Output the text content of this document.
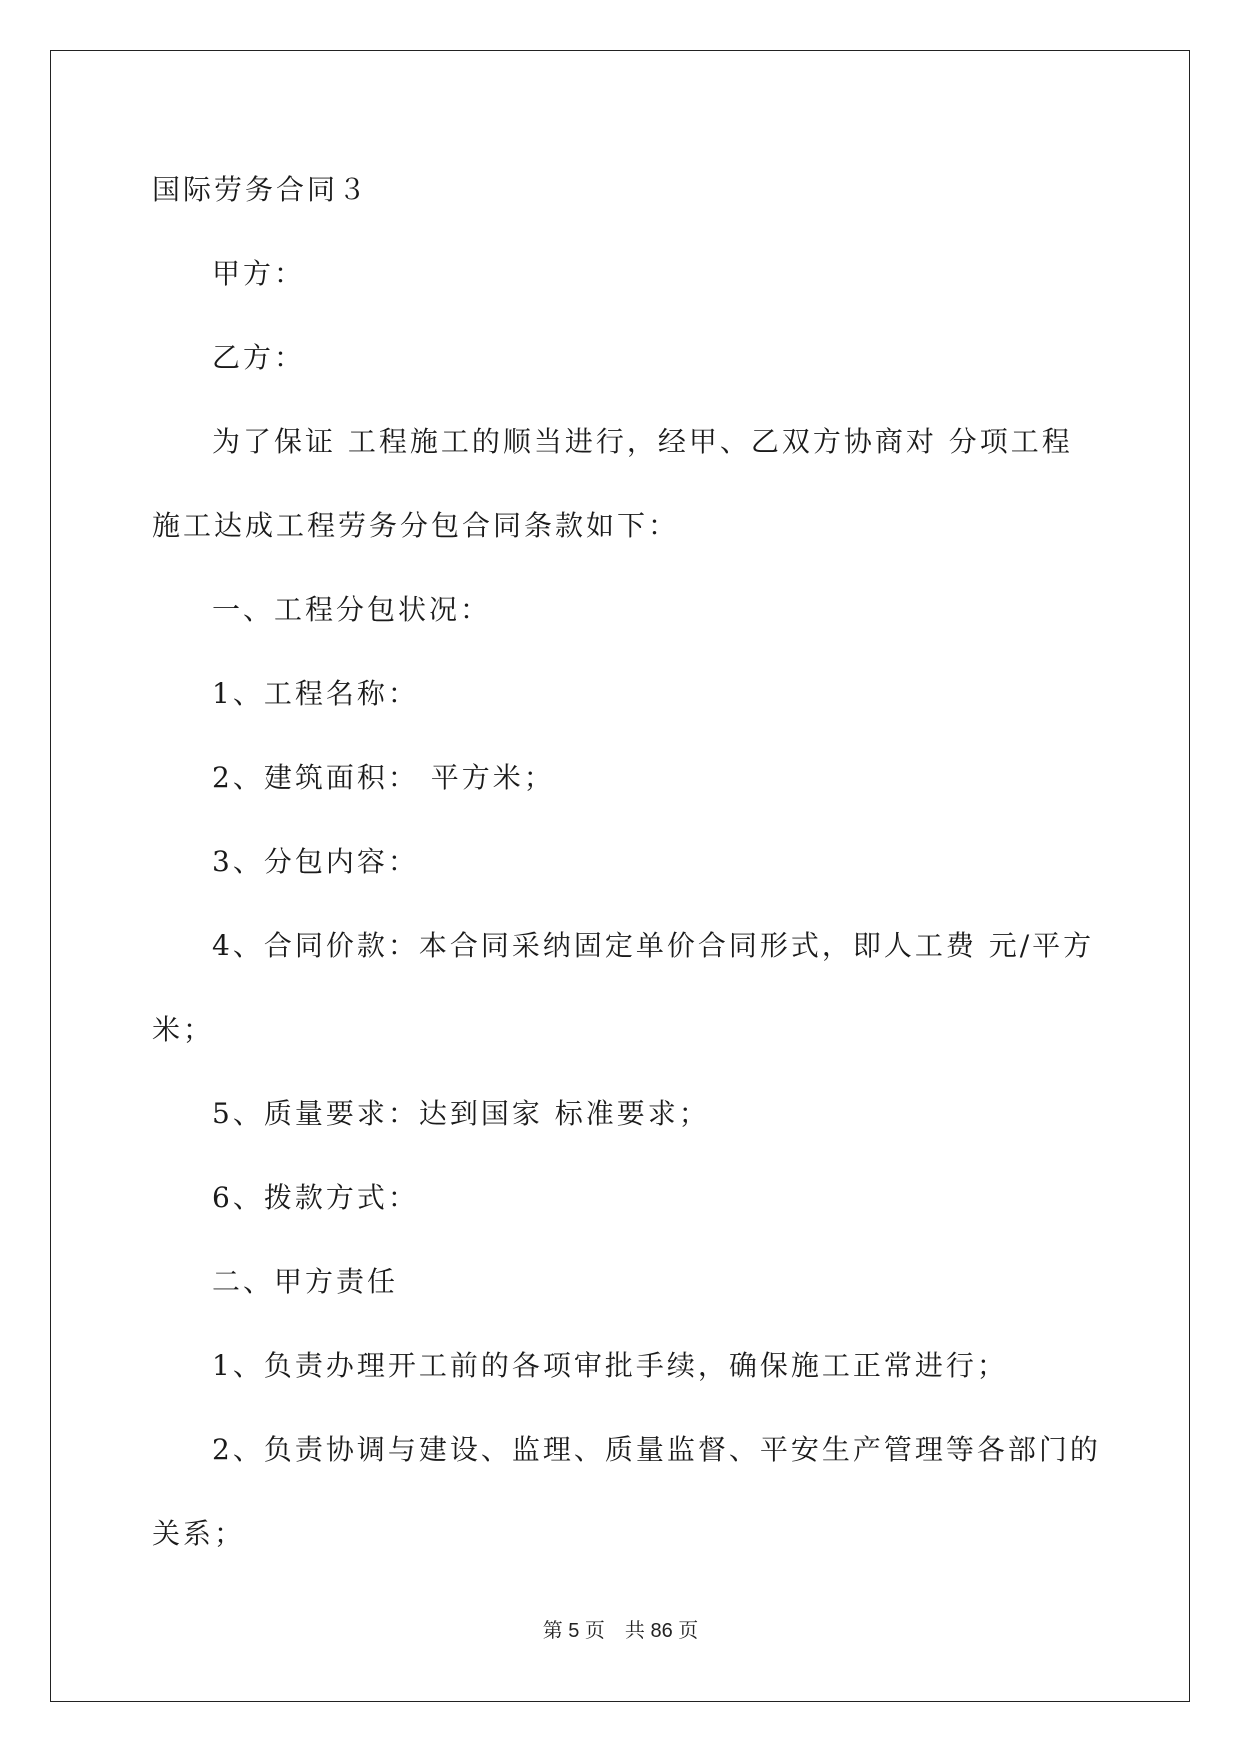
国际劳务合同３
甲方：
乙方：
为了保证 工程施工的顺当进行，经甲、乙双方协商对 分项工程
施工达成工程劳务分包合同条款如下：
一、工程分包状况：
1、工程名称：
2、建筑面积： 平方米；
3、分包内容：
4、合同价款：本合同采纳固定单价合同形式，即人工费 元/平方
米；
5、质量要求：达到国家 标准要求；
6、拨款方式：
二、甲方责任
1、负责办理开工前的各项审批手续，确保施工正常进行；
2、负责协调与建设、监理、质量监督、平安生产管理等各部门的
关系；
第 5 页　共 86 页
